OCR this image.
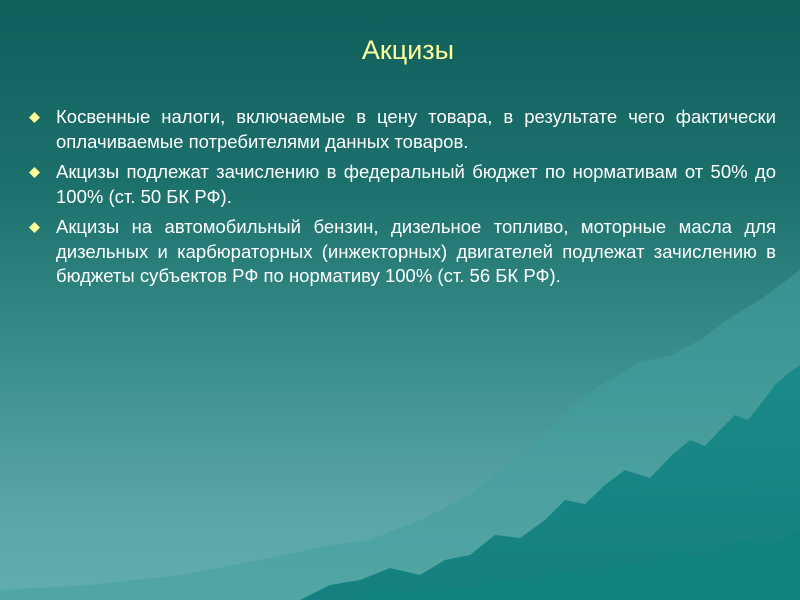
Акцизы
Косвенные налоги, включаемые в цену товара, в результате чего фактически оплачиваемые потребителями данных товаров.
Акцизы подлежат зачислению в федеральный бюджет по нормативам от 50% до 100% (ст. 50 БК РФ).
Акцизы на автомобильный бензин, дизельное топливо, моторные масла для дизельных и карбюраторных (инжекторных) двигателей подлежат зачислению в бюджеты субъектов РФ по нормативу 100% (ст. 56 БК РФ).
